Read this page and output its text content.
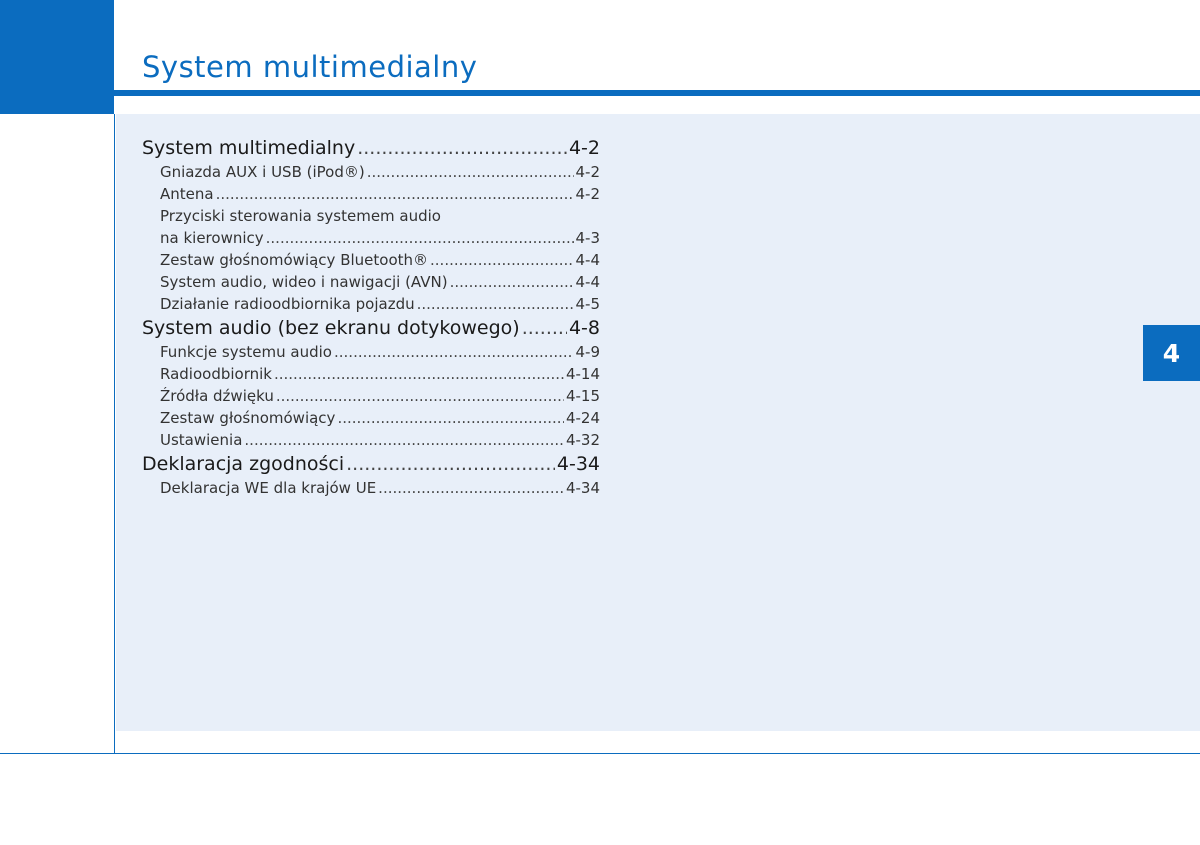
System multimedialny
4
System multimedialny .....	4-2
Gniazda AUX i USB (iPod®) .....	4-2
Antena .....	4-2
Przyciski sterowania systemem audio
na kierownicy .....	4-3
Zestaw głośnomówiący Bluetooth® .....	4-4
System audio, wideo i nawigacji (AVN) .....	4-4
Działanie radioodbiornika pojazdu .....	4-5
System audio (bez ekranu dotykowego) .....	4-8
Funkcje systemu audio .....	4-9
Radioodbiornik .....	4-14
Źródła dźwięku .....	4-15
Zestaw głośnomówiący .....	4-24
Ustawienia .....	4-32
Deklaracja zgodności .....	4-34
Deklaracja WE dla krajów UE .....	4-34
